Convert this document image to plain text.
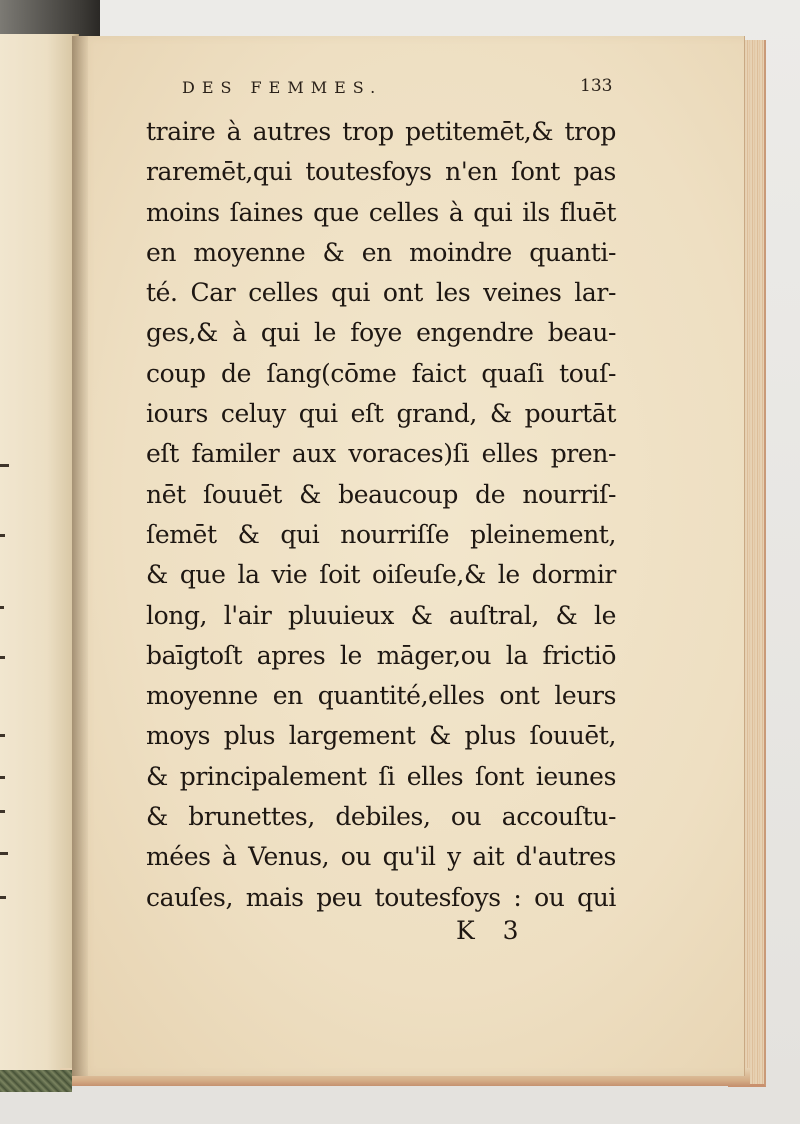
DES FEMMES.	133
traire à autres trop petitemēt,& trop
raremēt,qui toutesfoys n'en ſont pas
moins ſaines que celles à qui ils fluēt
en moyenne & en moindre quanti-
té. Car celles qui ont les veines lar-
ges,& à qui le foye engendre beau-
coup de ſang(cōme faict quaſi touſ-
iours celuy qui eſt grand, & pourtāt
eſt familer aux voraces)ſi elles pren-
nēt ſouuēt & beaucoup de nourriſ-
ſemēt & qui nourriſſe pleinement,
& que la vie ſoit oiſeuſe,& le dormir
long, l'air pluuieux & auſtral, & le
baīgtoſt apres le māger,ou la frictiō
moyenne en quantité,elles ont leurs
moys plus largement & plus ſouuēt,
& principalement ſi elles ſont ieunes
& brunettes, debiles, ou accouſtu-
mées à Venus, ou qu'il y ait d'autres
cauſes, mais peu toutesfoys : ou qui
K 3
